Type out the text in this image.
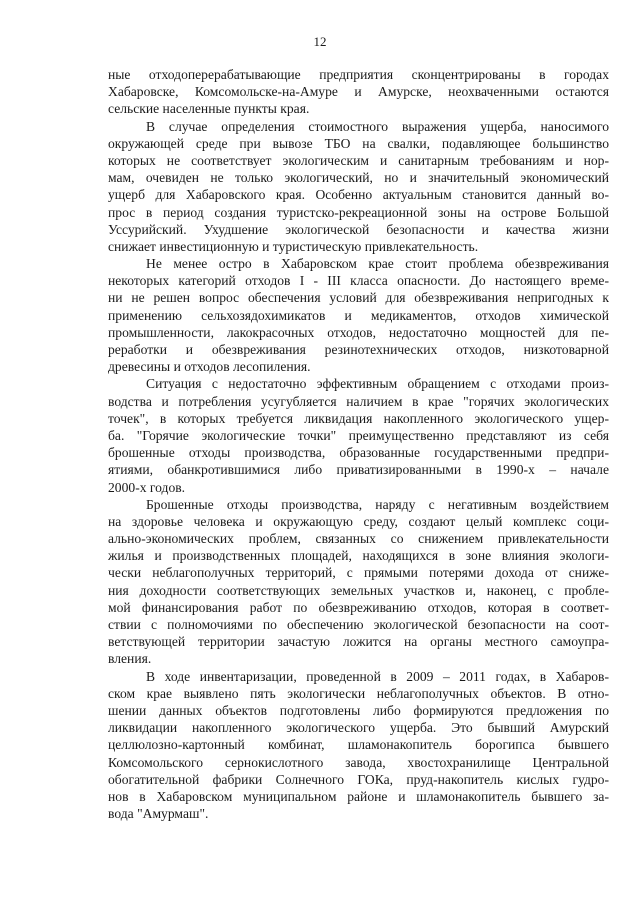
12
ные отходоперерабатывающие предприятия сконцентрированы в городах
Хабаровске, Комсомольске-на-Амуре и Амурске, неохваченными остаются
сельские населенные пункты края.
В случае определения стоимостного выражения ущерба, наносимого
окружающей среде при вывозе ТБО на свалки, подавляющее большинство
которых не соответствует экологическим и санитарным требованиям и нор-
мам, очевиден не только экологический, но и значительный экономический
ущерб для Хабаровского края. Особенно актуальным становится данный во-
прос в период создания туристско-рекреационной зоны на острове Большой
Уссурийский. Ухудшение экологической безопасности и качества жизни
снижает инвестиционную и туристическую привлекательность.
Не менее остро в Хабаровском крае стоит проблема обезвреживания
некоторых категорий отходов I - III класса опасности. До настоящего време-
ни не решен вопрос обеспечения условий для обезвреживания непригодных к
применению сельхозядохимикатов и медикаментов, отходов химической
промышленности, лакокрасочных отходов, недостаточно мощностей для пе-
реработки и обезвреживания резинотехнических отходов, низкотоварной
древесины и отходов лесопиления.
Ситуация с недостаточно эффективным обращением с отходами произ-
водства и потребления усугубляется наличием в крае "горячих экологических
точек", в которых требуется ликвидация накопленного экологического ущер-
ба. "Горячие экологические точки" преимущественно представляют из себя
брошенные отходы производства, образованные государственными предпри-
ятиями, обанкротившимися либо приватизированными в 1990-х – начале
2000-х годов.
Брошенные отходы производства, наряду с негативным воздействием
на здоровье человека и окружающую среду, создают целый комплекс соци-
ально-экономических проблем, связанных со снижением привлекательности
жилья и производственных площадей, находящихся в зоне влияния экологи-
чески неблагополучных территорий, с прямыми потерями дохода от сниже-
ния доходности соответствующих земельных участков и, наконец, с пробле-
мой финансирования работ по обезвреживанию отходов, которая в соответ-
ствии с полномочиями по обеспечению экологической безопасности на соот-
ветствующей территории зачастую ложится на органы местного самоупра-
вления.
В ходе инвентаризации, проведенной в 2009 – 2011 годах, в Хабаров-
ском крае выявлено пять экологически неблагополучных объектов. В отно-
шении данных объектов подготовлены либо формируются предложения по
ликвидации накопленного экологического ущерба. Это бывший Амурский
целлюлозно-картонный комбинат, шламонакопитель борогипса бывшего
Комсомольского сернокислотного завода, хвостохранилище Центральной
обогатительной фабрики Солнечного ГОКа, пруд-накопитель кислых гудро-
нов в Хабаровском муниципальном районе и шламонакопитель бывшего за-
вода "Амурмаш".
